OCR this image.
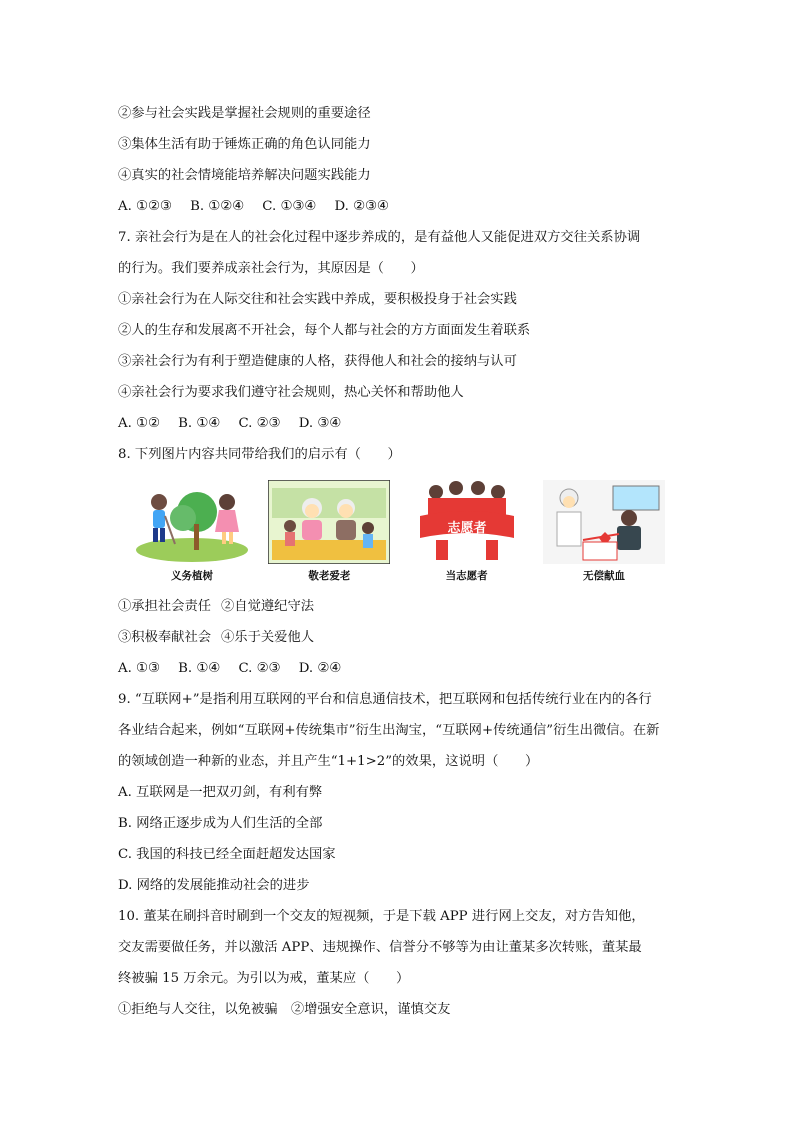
②参与社会实践是掌握社会规则的重要途径
③集体生活有助于锤炼正确的角色认同能力
④真实的社会情境能培养解决问题实践能力
A. ①②③ B. ①②④ C. ①③④ D. ②③④
7. 亲社会行为是在人的社会化过程中逐步养成的，是有益他人又能促进双方交往关系协调
的行为。我们要养成亲社会行为，其原因是（　　）
①亲社会行为在人际交往和社会实践中养成，要积极投身于社会实践
②人的生存和发展离不开社会，每个人都与社会的方方面面发生着联系
③亲社会行为有利于塑造健康的人格，获得他人和社会的接纳与认可
④亲社会行为要求我们遵守社会规则，热心关怀和帮助他人
A. ①② B. ①④ C. ②③ D. ③④
8. 下列图片内容共同带给我们的启示有（　　）
义务植树	敬老爱老
志愿者
当志愿者	无偿献血
①承担社会责任 ②自觉遵纪守法
③积极奉献社会 ④乐于关爱他人
A. ①③ B. ①④ C. ②③ D. ②④
9. “互联网+”是指利用互联网的平台和信息通信技术，把互联网和包括传统行业在内的各行
各业结合起来，例如“互联网+传统集市”衍生出淘宝，“互联网+传统通信”衍生出微信。在新
的领域创造一种新的业态，并且产生“1+1>2”的效果，这说明（　　）
A. 互联网是一把双刃剑，有利有弊
B. 网络正逐步成为人们生活的全部
C. 我国的科技已经全面赶超发达国家
D. 网络的发展能推动社会的进步
10. 董某在刷抖音时刷到一个交友的短视频，于是下载 APP 进行网上交友，对方告知他，
交友需要做任务，并以激活 APP、违规操作、信誉分不够等为由让董某多次转账，董某最
终被骗 15 万余元。为引以为戒，董某应（　　）
①拒绝与人交往，以免被骗　②增强安全意识，谨慎交友
